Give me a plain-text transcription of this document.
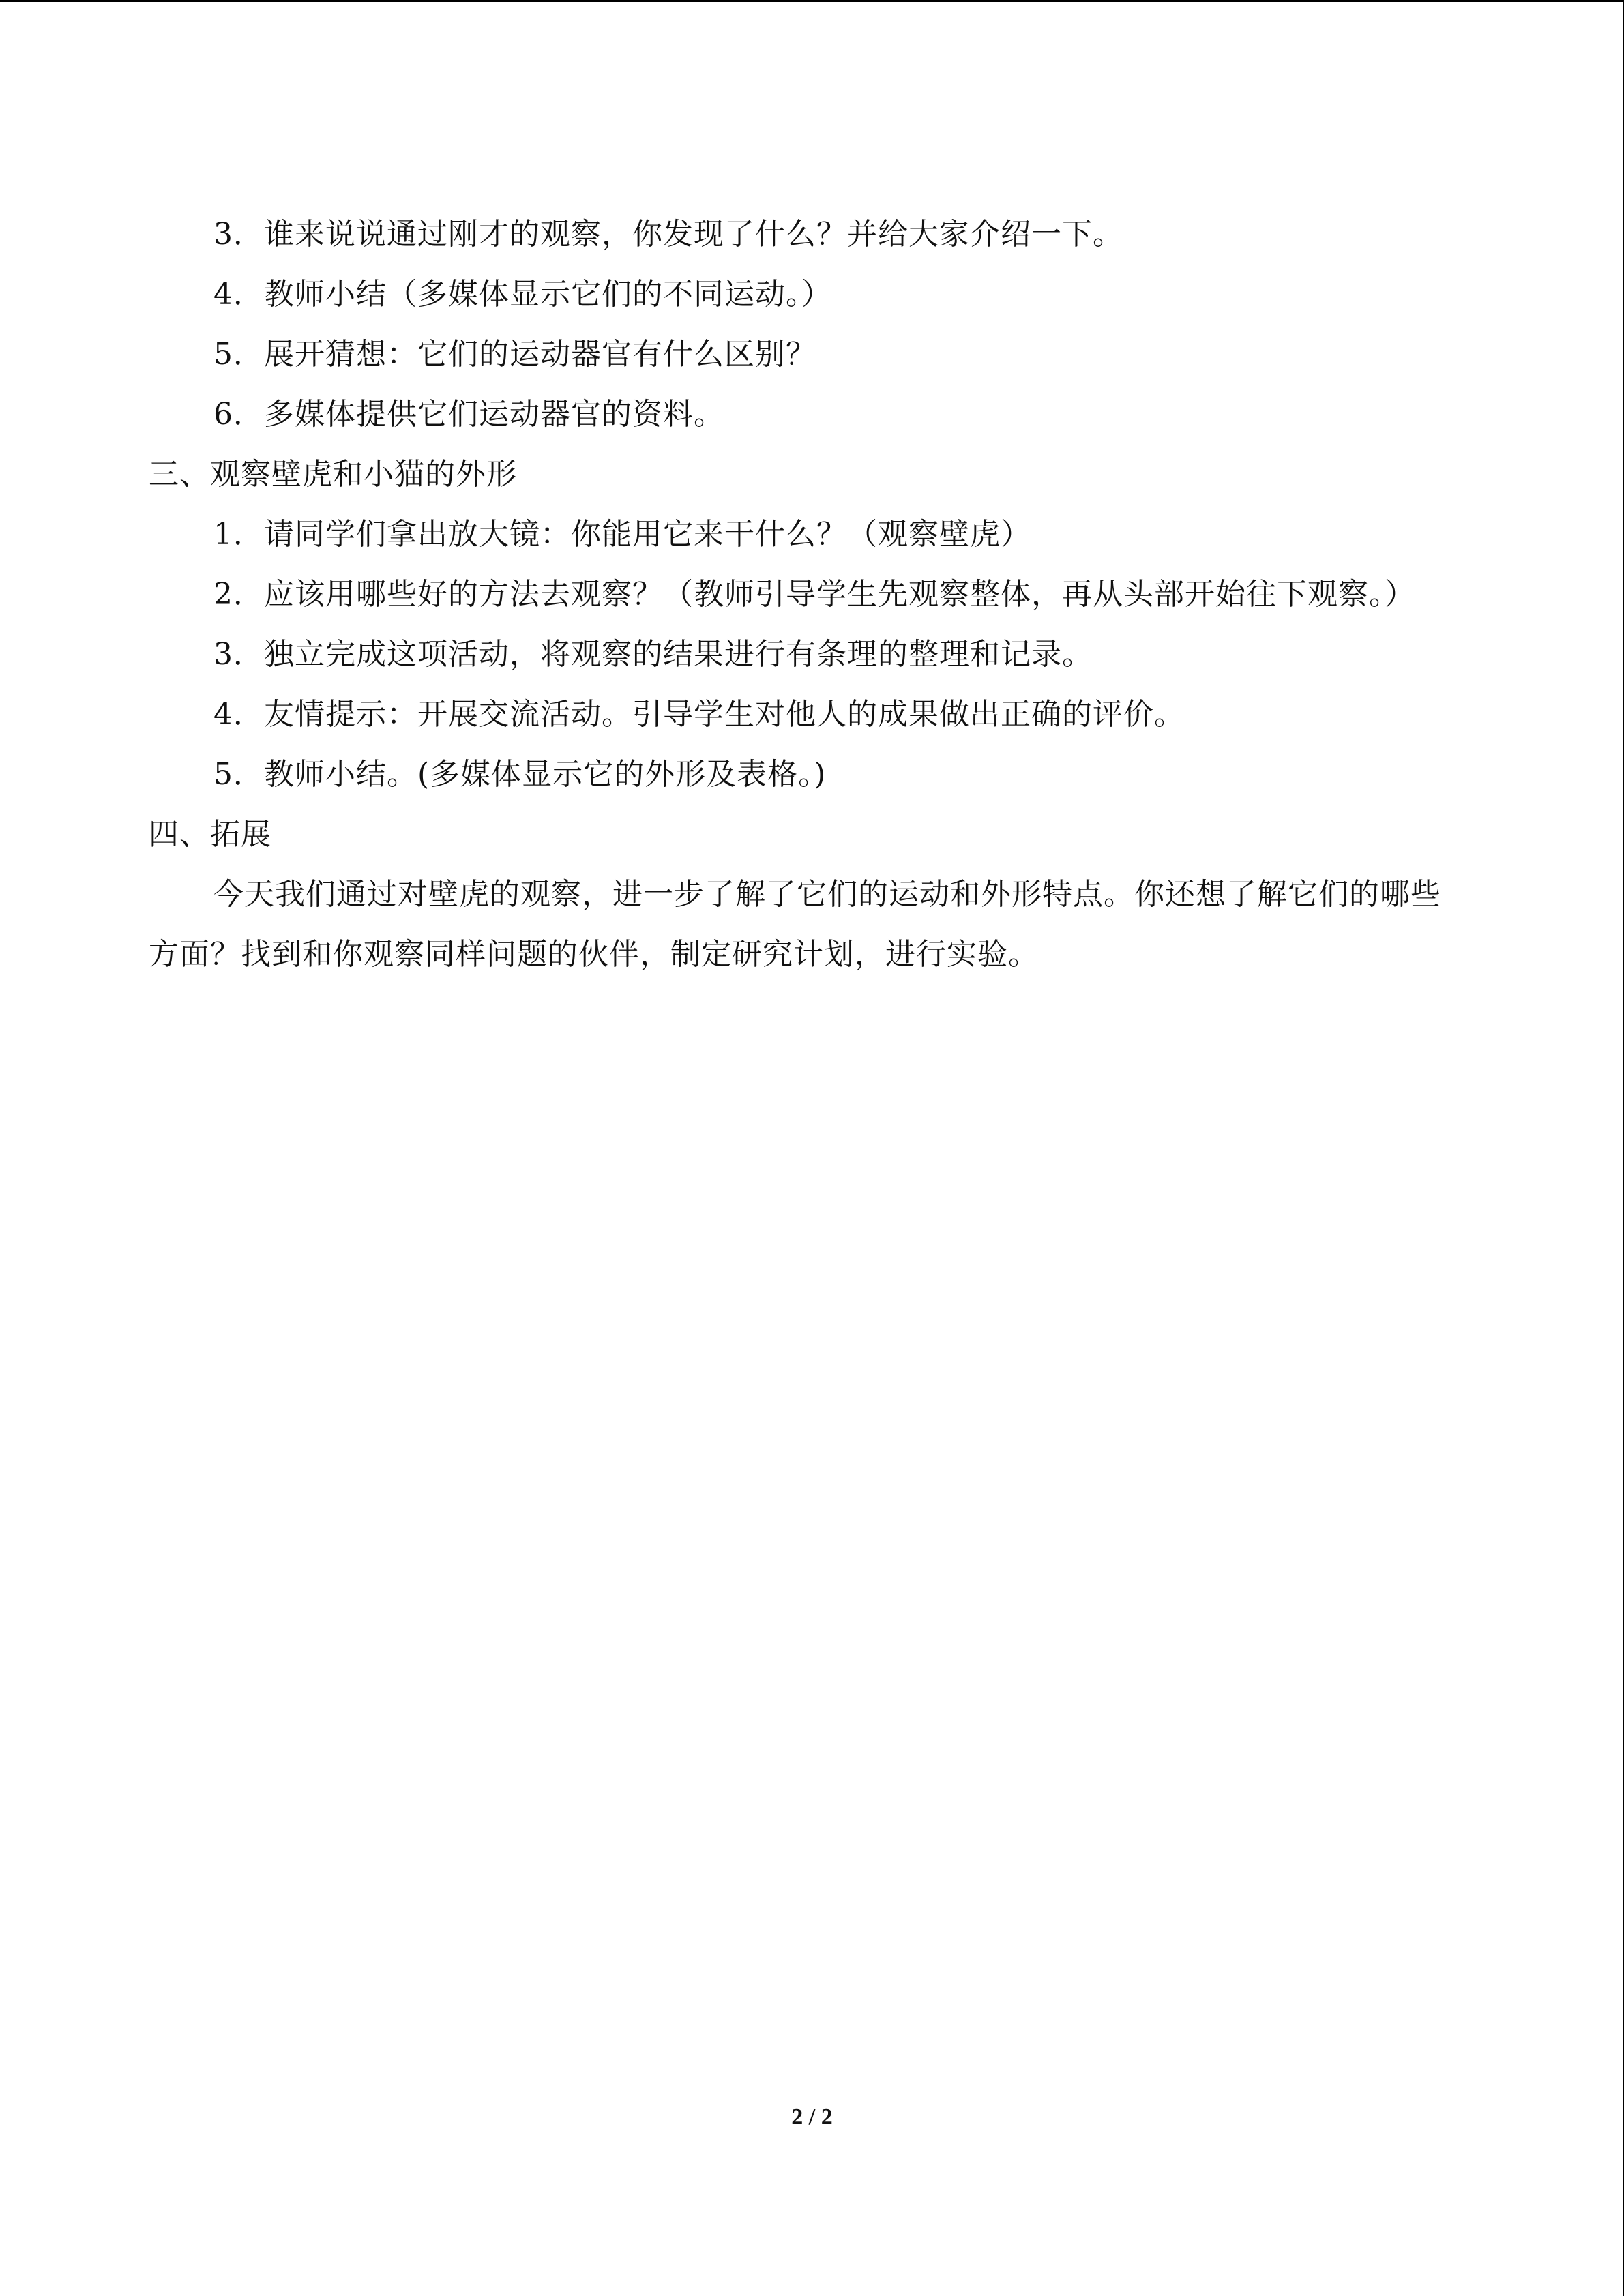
3．谁来说说通过刚才的观察，你发现了什么？并给大家介绍一下。
4．教师小结（多媒体显示它们的不同运动。）
5．展开猜想：它们的运动器官有什么区别？
6．多媒体提供它们运动器官的资料。
三、观察壁虎和小猫的外形
1．请同学们拿出放大镜：你能用它来干什么？（观察壁虎）
2．应该用哪些好的方法去观察？（教师引导学生先观察整体，再从头部开始往下观察。）
3．独立完成这项活动，将观察的结果进行有条理的整理和记录。
4．友情提示：开展交流活动。引导学生对他人的成果做出正确的评价。
5．教师小结。(多媒体显示它的外形及表格。)
四、拓展
今天我们通过对壁虎的观察，进一步了解了它们的运动和外形特点。你还想了解它们的哪些方面？找到和你观察同样问题的伙伴，制定研究计划，进行实验。
2 / 2
